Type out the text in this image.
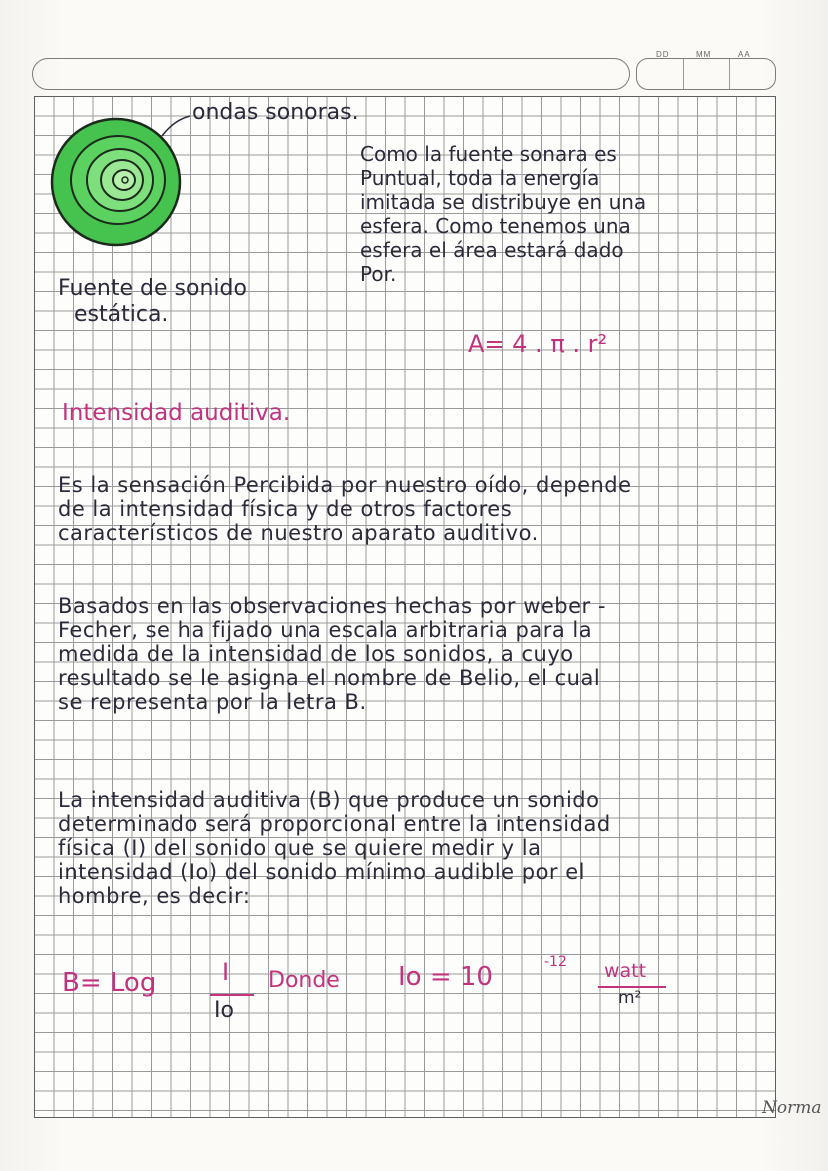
DD	MM	AA
ondas sonoras.
Fuente de sonido
estática.
Como la fuente sonara es
Puntual, toda la energía
imitada se distribuye en una
esfera. Como tenemos una
esfera el área estará dado
Por.
A= 4 . π . r²
Intensidad auditiva.
Es la sensación Percibida por nuestro oído, depende
de la intensidad física y de otros factores
característicos de nuestro aparato auditivo.
Basados en las observaciones hechas por weber -
Fecher, se ha fijado una escala arbitraria para la
medida de la intensidad de los sonidos, a cuyo
resultado se le asigna el nombre de Belio, el cual
se representa por la letra B.
La intensidad auditiva (B) que produce un sonido
determinado será proporcional entre la intensidad
física (I) del sonido que se quiere medir y la
intensidad (Io) del sonido mínimo audible por el
hombre, es decir:
B= Log	I
Io
Donde Io = 10	-12 watt
m²
Norma
